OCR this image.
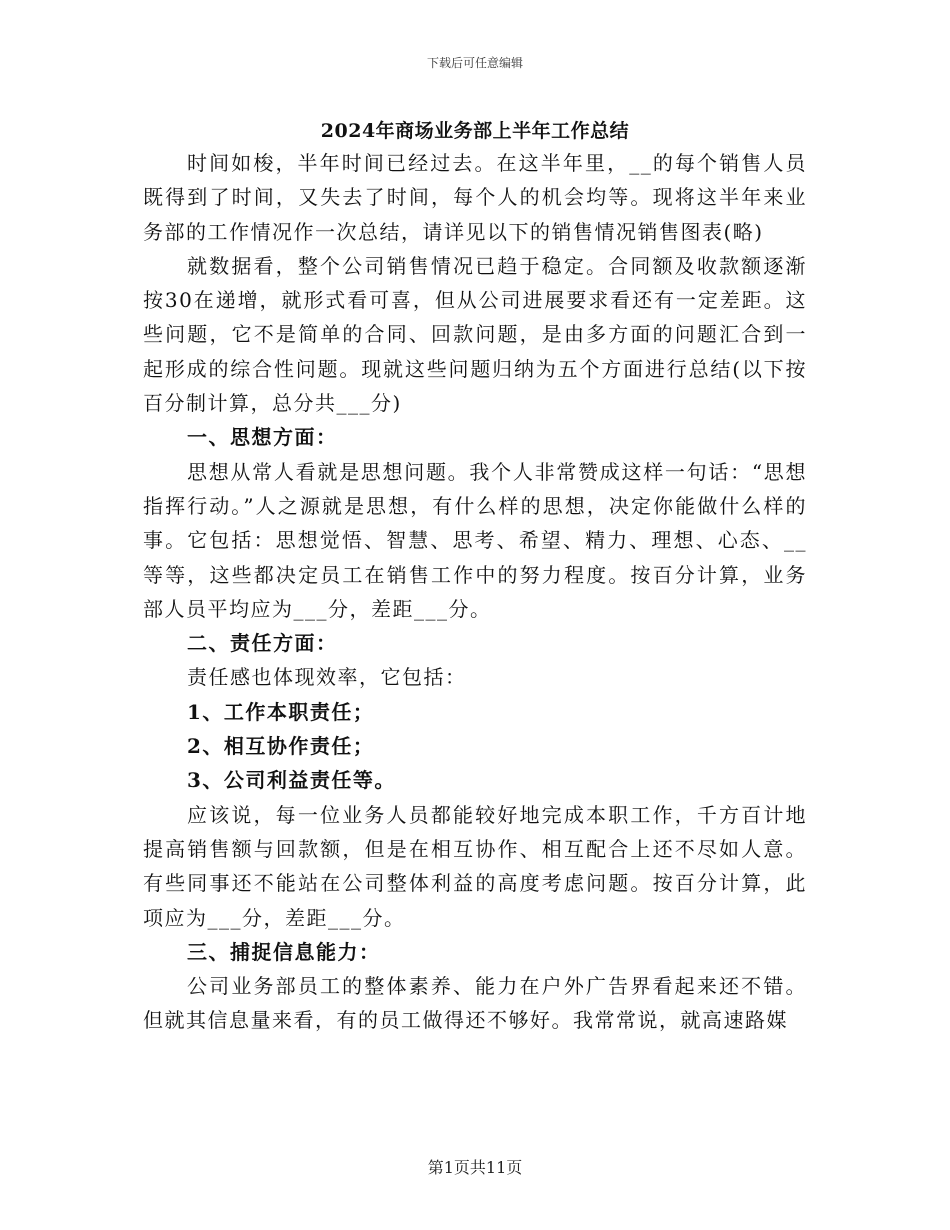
下载后可任意编辑
2024年商场业务部上半年工作总结

时间如梭，半年时间已经过去。在这半年里，__的每个销售人员既得到了时间，又失去了时间，每个人的机会均等。现将这半年来业务部的工作情况作一次总结，请详见以下的销售情况销售图表(略)

就数据看，整个公司销售情况已趋于稳定。合同额及收款额逐渐按30在递增，就形式看可喜，但从公司进展要求看还有一定差距。这些问题，它不是简单的合同、回款问题，是由多方面的问题汇合到一起形成的综合性问题。现就这些问题归纳为五个方面进行总结(以下按百分制计算，总分共___分)

一、思想方面：

思想从常人看就是思想问题。我个人非常赞成这样一句话：“思想指挥行动。”人之源就是思想，有什么样的思想，决定你能做什么样的事。它包括：思想觉悟、智慧、思考、希望、精力、理想、心态、__等等，这些都决定员工在销售工作中的努力程度。按百分计算，业务部人员平均应为___分，差距___分。

二、责任方面：

责任感也体现效率，它包括：

1、工作本职责任；

2、相互协作责任；

3、公司利益责任等。

应该说，每一位业务人员都能较好地完成本职工作，千方百计地提高销售额与回款额，但是在相互协作、相互配合上还不尽如人意。有些同事还不能站在公司整体利益的高度考虑问题。按百分计算，此项应为___分，差距___分。

三、捕捉信息能力：

公司业务部员工的整体素养、能力在户外广告界看起来还不错。但就其信息量来看，有的员工做得还不够好。我常常说，就高速路媒

第1页共11页
